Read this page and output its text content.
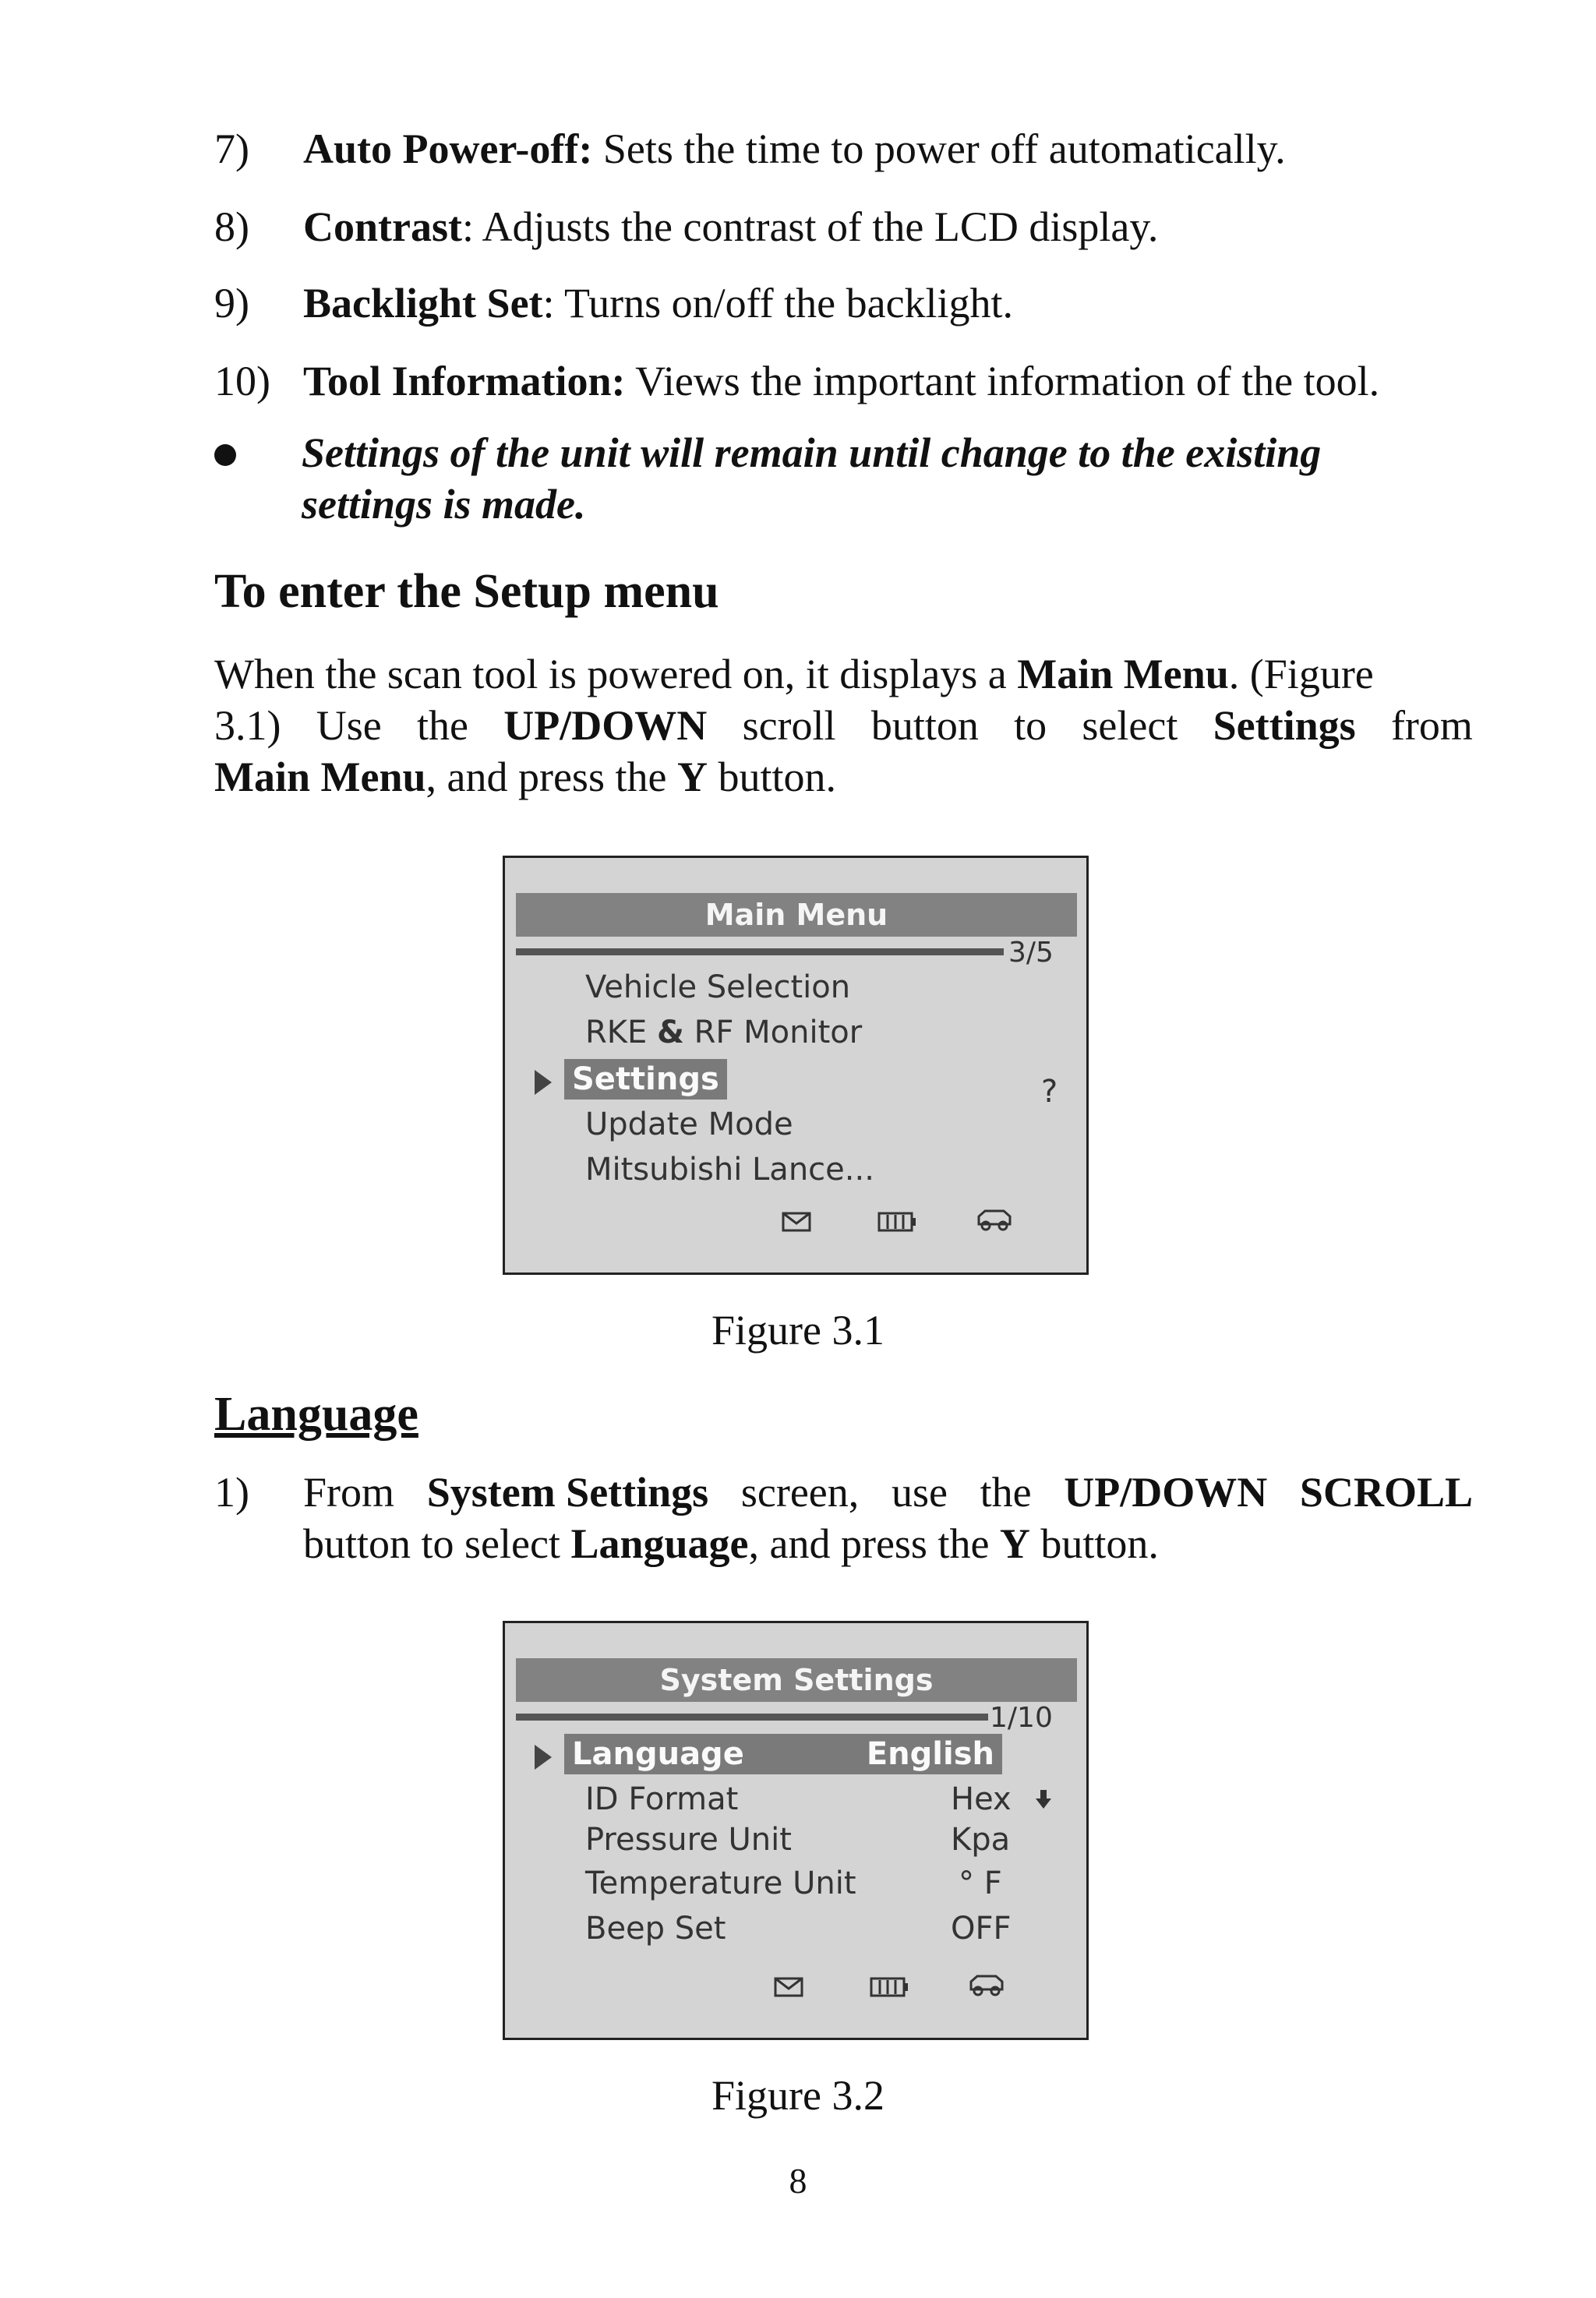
7) Auto Power-off: Sets the time to power off automatically.
8) Contrast: Adjusts the contrast of the LCD display.
9) Backlight Set: Turns on/off the backlight.
10) Tool Information: Views the important information of the tool.
Settings of the unit will remain until change to the existing
settings is made.
To enter the Setup menu
When the scan tool is powered on, it displays a Main Menu. (Figure
3.1) Use the UP/DOWN scroll button to select Settings from
Main Menu, and press the Y button.
Main Menu
3/5
Vehicle Selection
RKE & RF Monitor
Settings	?
Update Mode
Mitsubishi Lance...
Figure 3.1
Language
1) From System Settings screen, use the UP/DOWN SCROLL
button to select Language, and press the Y button.
System Settings
1/10
Language	English
ID Format	Hex
Pressure Unit	Kpa
Temperature Unit	° F
Beep Set	OFF
Figure 3.2
8
